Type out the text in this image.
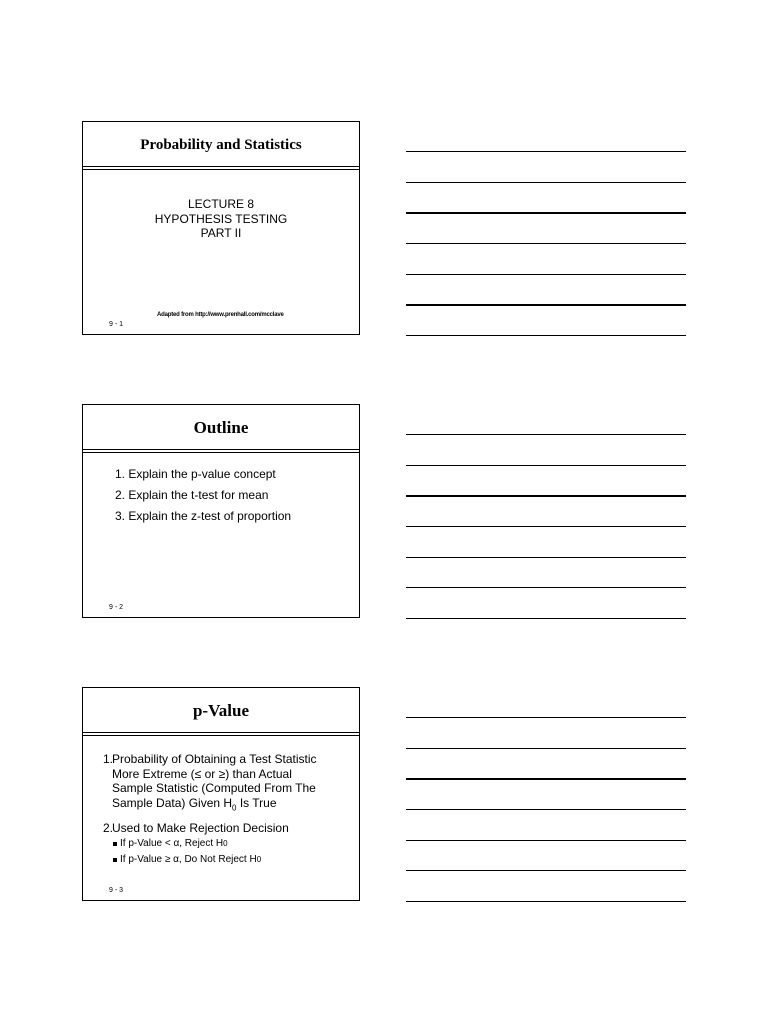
Probability and Statistics
LECTURE 8
HYPOTHESIS TESTING
PART II
Adapted from http://www.prenhall.com/mcclave
9 - 1
Outline
1. Explain the p-value concept
2. Explain the t-test for mean
3. Explain the z-test of proportion
9 - 2
p-Value
1.
Probability of Obtaining a Test Statistic
More Extreme (≤ or ≥) than Actual
Sample Statistic (Computed From The
Sample Data) Given $H_0$ Is True
2.
Used to Make Rejection Decision
If p-Value < α, Reject H 0
If p-Value ≥ α, Do Not Reject H 0
9 - 3
